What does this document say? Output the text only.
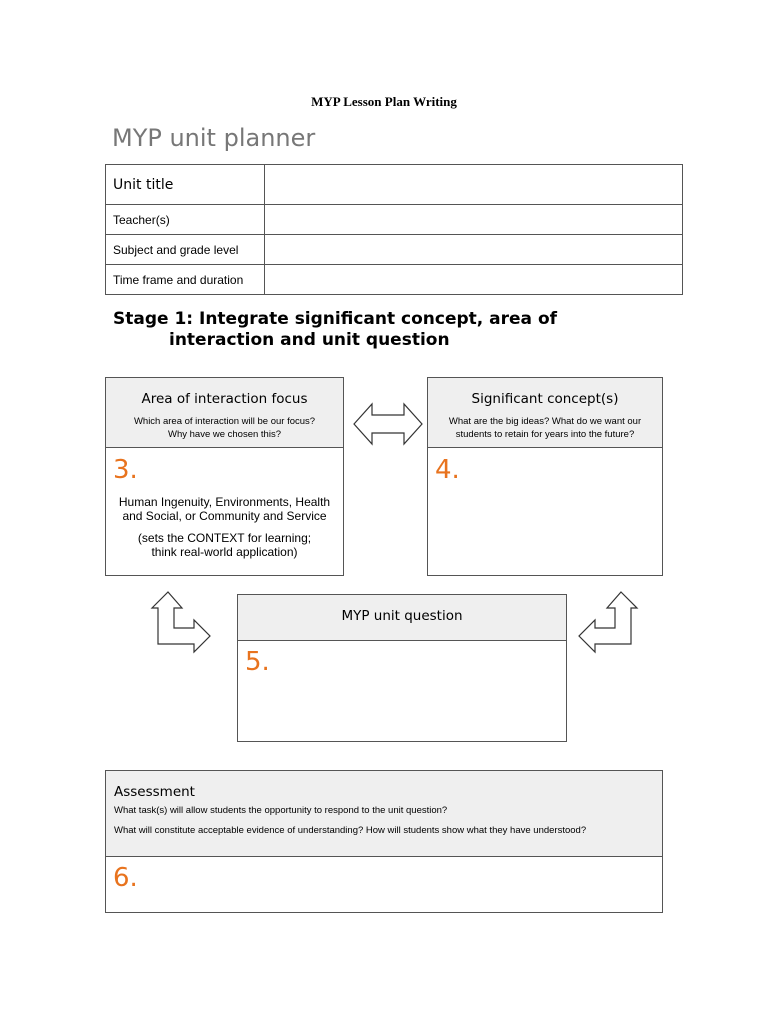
MYP Lesson Plan Writing
MYP unit planner
Unit title	
Teacher(s)	
Subject and grade level	
Time frame and duration	
Stage 1: Integrate significant concept, area of
interaction and unit question
Area of interaction focus
Which area of interaction will be our focus?
Why have we chosen this?
3.
Human Ingenuity, Environments, Health and Social, or Community and Service
(sets the CONTEXT for learning; think real-world application)
Significant concept(s)
What are the big ideas? What do we want our
students to retain for years into the future?
4.
MYP unit question
5.
Assessment
What task(s) will allow students the opportunity to respond to the unit question?
What will constitute acceptable evidence of understanding? How will students show what they have understood?
6.
